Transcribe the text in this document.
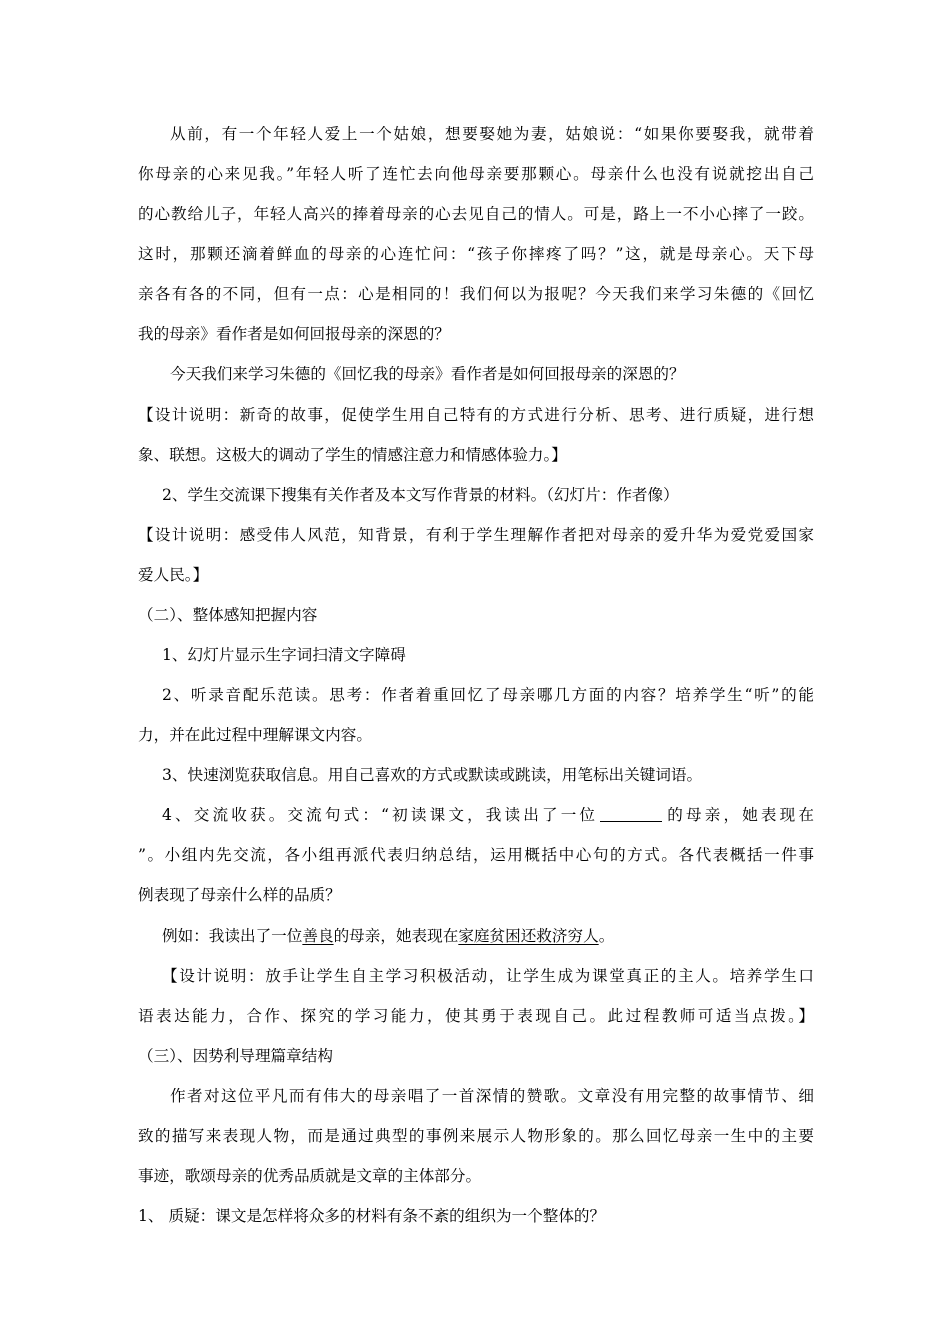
从前，有一个年轻人爱上一个姑娘，想要娶她为妻，姑娘说：“如果你要娶我，就带着
你母亲的心来见我。”年轻人听了连忙去向他母亲要那颗心。母亲什么也没有说就挖出自己
的心教给儿子，年轻人高兴的捧着母亲的心去见自己的情人。可是，路上一不小心摔了一跤。
这时，那颗还滴着鲜血的母亲的心连忙问：“孩子你摔疼了吗？”这，就是母亲心。天下母
亲各有各的不同，但有一点：心是相同的！我们何以为报呢？今天我们来学习朱德的《回忆
我的母亲》看作者是如何回报母亲的深恩的？
今天我们来学习朱德的《回忆我的母亲》看作者是如何回报母亲的深恩的？
【设计说明：新奇的故事，促使学生用自己特有的方式进行分析、思考、进行质疑，进行想
象、联想。这极大的调动了学生的情感注意力和情感体验力。】
2、学生交流课下搜集有关作者及本文写作背景的材料。（幻灯片：作者像）
【设计说明：感受伟人风范，知背景，有利于学生理解作者把对母亲的爱升华为爱党爱国家
爱人民。】
（二）、整体感知把握内容
1、幻灯片显示生字词扫清文字障碍
2、听录音配乐范读。思考：作者着重回忆了母亲哪几方面的内容？培养学生“听”的能
力，并在此过程中理解课文内容。
3、快速浏览获取信息。用自己喜欢的方式或默读或跳读，用笔标出关键词语。
4、交流收获。交流句式：“初读课文，我读出了一位	的母亲，她表现在
”。小组内先交流，各小组再派代表归纳总结，运用概括中心句的方式。各代表概括一件事
例表现了母亲什么样的品质？
例如：我读出了一位善良的母亲，她表现在家庭贫困还救济穷人。
【设计说明：放手让学生自主学习积极活动，让学生成为课堂真正的主人。培养学生口
语表达能力，合作、探究的学习能力，使其勇于表现自己。此过程教师可适当点拨。】
（三）、因势利导理篇章结构
作者对这位平凡而有伟大的母亲唱了一首深情的赞歌。文章没有用完整的故事情节、细
致的描写来表现人物，而是通过典型的事例来展示人物形象的。那么回忆母亲一生中的主要
事迹，歌颂母亲的优秀品质就是文章的主体部分。
1、 质疑：课文是怎样将众多的材料有条不紊的组织为一个整体的？
